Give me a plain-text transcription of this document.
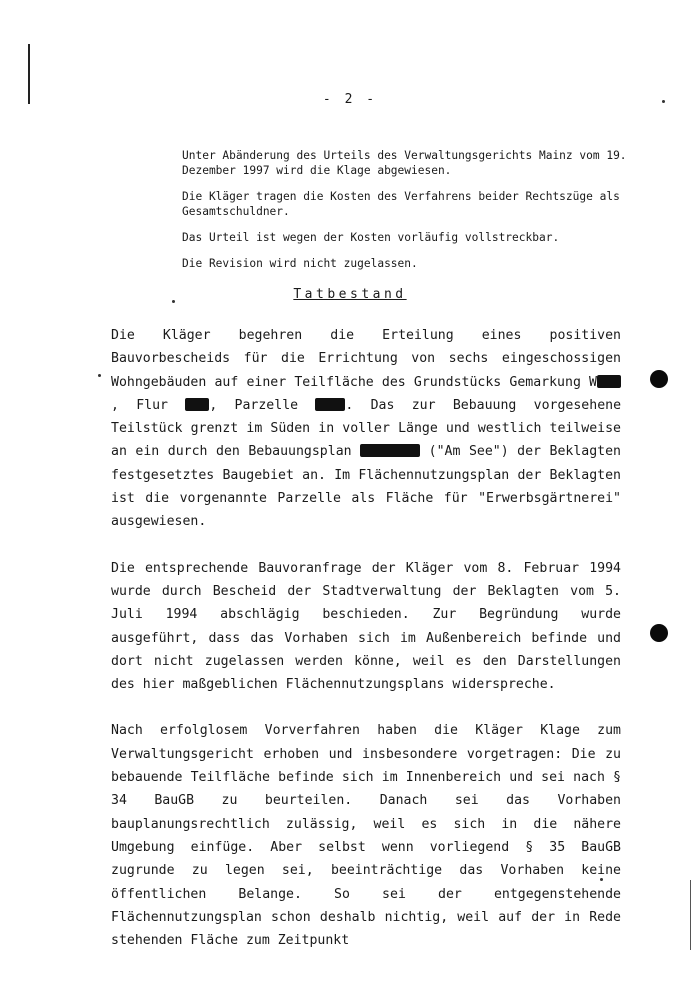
- 2 -

Unter Abänderung des Urteils des Verwaltungsgerichts Mainz vom 19. Dezember 1997 wird die Klage abgewiesen.

Die Kläger tragen die Kosten des Verfahrens beider Rechtszüge als Gesamtschuldner.

Das Urteil ist wegen der Kosten vorläufig vollstreckbar.

Die Revision wird nicht zugelassen.

Tatbestand

Die Kläger begehren die Erteilung eines positiven Bauvorbescheids für die Errichtung von sechs eingeschossigen Wohngebäuden auf einer Teilfläche des Grundstücks Gemarkung W, Flur , Parzelle . Das zur Bebauung vorgesehene Teilstück grenzt im Süden in voller Länge und westlich teilweise an ein durch den Bebauungsplan	("Am See") der Beklagten festgesetztes Baugebiet an. Im Flächennutzungsplan der Beklagten ist die vorgenannte Parzelle als Fläche für "Erwerbsgärtnerei" ausgewiesen.

Die entsprechende Bauvoranfrage der Kläger vom 8. Februar 1994 wurde durch Bescheid der Stadtverwaltung der Beklagten vom 5. Juli 1994 abschlägig beschieden. Zur Begründung wurde ausgeführt, dass das Vorhaben sich im Außenbereich befinde und dort nicht zugelassen werden könne, weil es den Darstellungen des hier maßgeblichen Flächennutzungsplans widerspreche.

Nach erfolglosem Vorverfahren haben die Kläger Klage zum Verwaltungsgericht erhoben und insbesondere vorgetragen: Die zu bebauende Teilfläche befinde sich im Innenbereich und sei nach § 34 BauGB zu beurteilen. Danach sei das Vorhaben bauplanungsrechtlich zulässig, weil es sich in die nähere Umgebung einfüge. Aber selbst wenn vorliegend § 35 BauGB zugrunde zu legen sei, beeinträchtige das Vorhaben keine öffentlichen Belange. So sei der entgegenstehende Flächennutzungsplan schon deshalb nichtig, weil auf der in Rede stehenden Fläche zum Zeitpunkt
